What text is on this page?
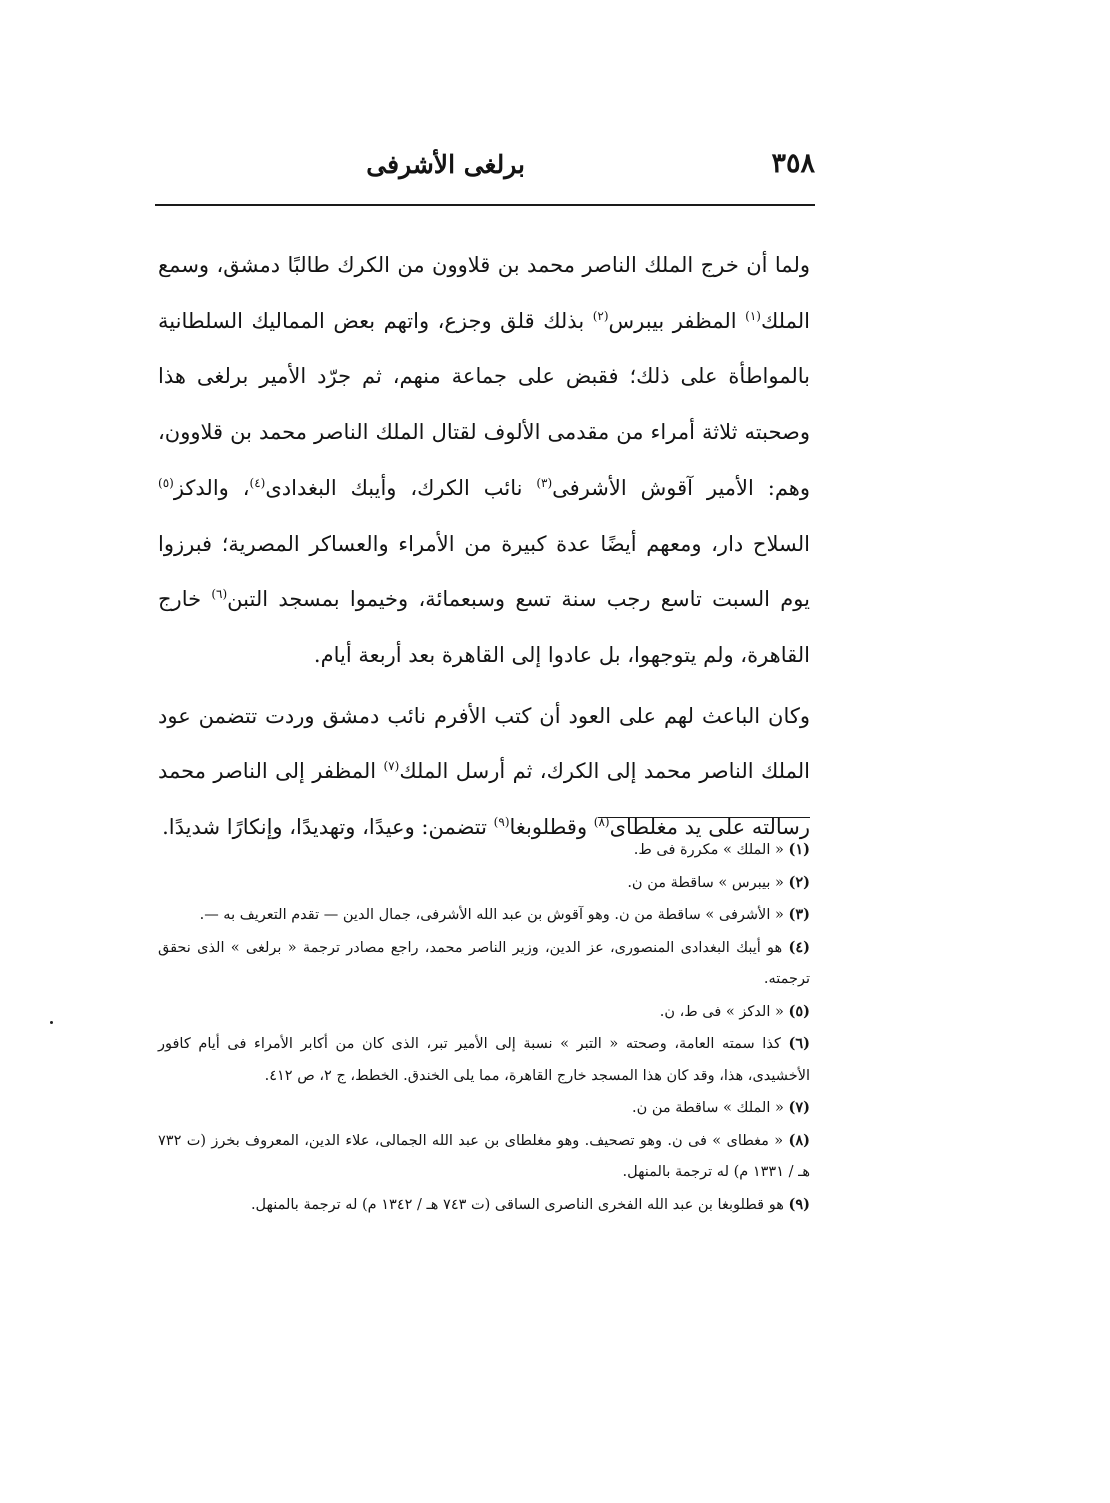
٣٥٨
برلغى الأشرفى

ولما أن خرج الملك الناصر محمد بن قلاوون من الكرك طالبًا دمشق، وسمع الملك$^{(١)}$ المظفر بيبرس$^{(٢)}$ بذلك قلق وجزع، واتهم بعض المماليك السلطانية بالمواطأة على ذلك؛ فقبض على جماعة منهم، ثم جرّد الأمير برلغى هذا وصحبته ثلاثة أمراء من مقدمى الألوف لقتال الملك الناصر محمد بن قلاوون، وهم: الأمير آقوش الأشرفى$^{(٣)}$ نائب الكرك، وأيبك البغدادى$^{(٤)}$، والدكز$^{(٥)}$ السلاح دار، ومعهم أيضًا عدة كبيرة من الأمراء والعساكر المصرية؛ فبرزوا يوم السبت تاسع رجب سنة تسع وسبعمائة، وخيموا بمسجد التبن$^{(٦)}$ خارج القاهرة، ولم يتوجهوا، بل عادوا إلى القاهرة بعد أربعة أيام.

وكان الباعث لهم على العود أن كتب الأفرم نائب دمشق وردت تتضمن عود الملك الناصر محمد إلى الكرك، ثم أرسل الملك$^{(٧)}$ المظفر إلى الناصر محمد رسالته على يد مغلطاى$^{(٨)}$ وقطلوبغا$^{(٩)}$ تتضمن: وعيدًا، وتهديدًا، وإنكارًا شديدًا.

(١) « الملك » مكررة فى ط.

(٢) « بيبرس » ساقطة من ن.

(٣) « الأشرفى » ساقطة من ن. وهو آقوش بن عبد الله الأشرفى، جمال الدين — تقدم التعريف به —.

(٤) هو أيبك البغدادى المنصورى، عز الدين، وزير الناصر محمد، راجع مصادر ترجمة « برلغى » الذى نحقق ترجمته.

(٥) « الدكز » فى ط، ن.

(٦) كذا سمته العامة، وصحته « التبر » نسبة إلى الأمير تبر، الذى كان من أكابر الأمراء فى أيام كافور الأخشيدى، هذا، وقد كان هذا المسجد خارج القاهرة، مما يلى الخندق. الخطط، ج ٢، ص ٤١٢.

(٧) « الملك » ساقطة من ن.

(٨) « مغطاى » فى ن. وهو تصحيف. وهو مغلطاى بن عبد الله الجمالى، علاء الدين، المعروف بخرز (ت ٧٣٢ هـ / ١٣٣١ م) له ترجمة بالمنهل.

(٩) هو قطلوبغا بن عبد الله الفخرى الناصرى الساقى (ت ٧٤٣ هـ / ١٣٤٢ م) له ترجمة بالمنهل.
